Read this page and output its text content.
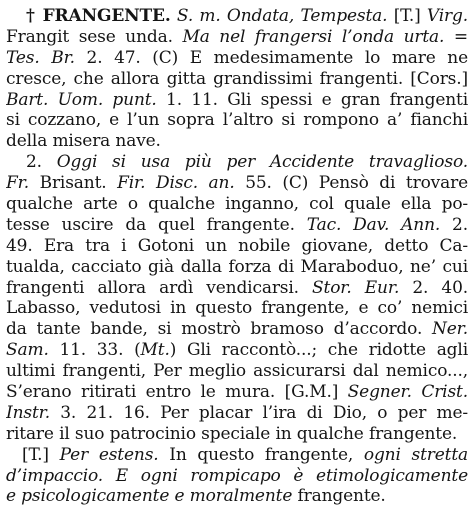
† FRANGENTE. S. m. Ondata, Tempesta. [T.] Virg.
Frangit sese unda. Ma nel frangersi l’onda urta. =
Tes. Br. 2. 47. (C) E medesimamente lo mare ne
cresce, che allora gitta grandissimi frangenti. [Cors.]
Bart. Uom. punt. 1. 11. Gli spessi e gran frangenti
si cozzano, e l’un sopra l’altro si rompono a’ fianchi
della misera nave.
2. Oggi si usa più per Accidente travaglioso.
Fr. Brisant. Fir. Disc. an. 55. (C) Pensò di trovare
qualche arte o qualche inganno, col quale ella po-
tesse uscire da quel frangente. Tac. Dav. Ann. 2.
49. Era tra i Gotoni un nobile giovane, detto Ca-
tualda, cacciato già dalla forza di Maraboduo, ne’ cui
frangenti allora ardì vendicarsi. Stor. Eur. 2. 40.
Labasso, vedutosi in questo frangente, e co’ nemici
da tante bande, si mostrò bramoso d’accordo. Ner.
Sam. 11. 33. (Mt.) Gli raccontò...; che ridotte agli
ultimi frangenti, Per meglio assicurarsi dal nemico...,
S’erano ritirati entro le mura. [G.M.] Segner. Crist.
Instr. 3. 21. 16. Per placar l’ira di Dio, o per me-
ritare il suo patrocinio speciale in qualche frangente.
[T.] Per estens. In questo frangente, ogni stretta
d’impaccio. E ogni rompicapo è etimologicamente
e psicologicamente e moralmente frangente.
